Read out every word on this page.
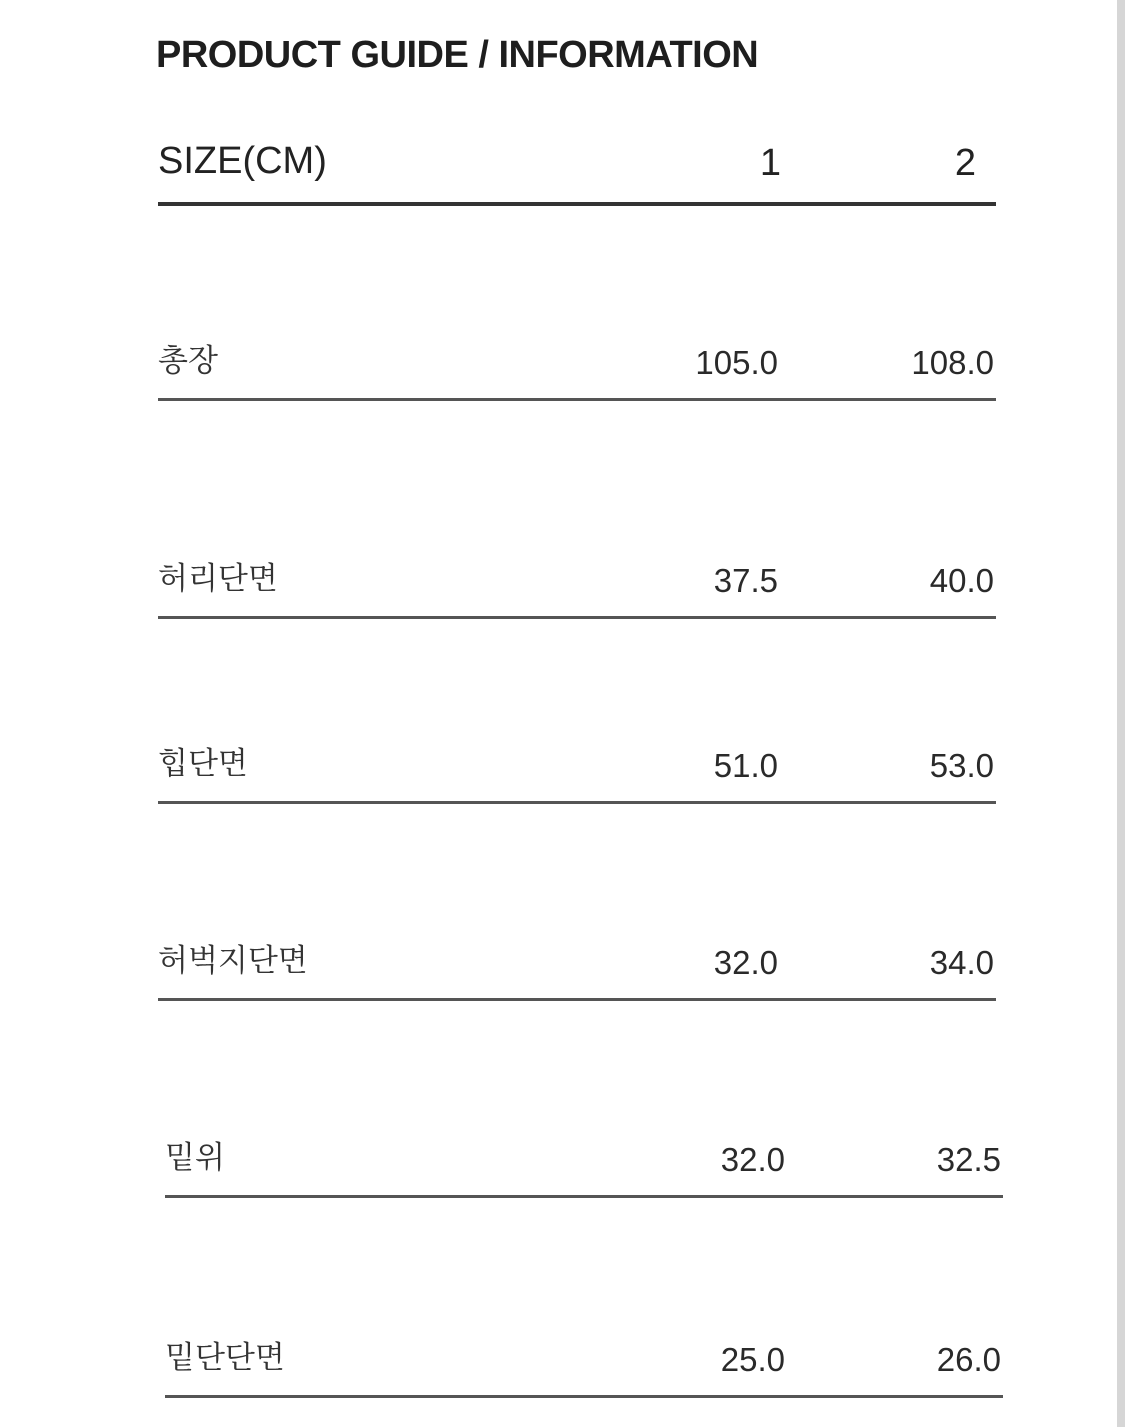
PRODUCT GUIDE / INFORMATION
SIZE(CM)	1	2
총장	105.0	108.0
허리단면	37.5	40.0
힙단면	51.0	53.0
허벅지단면	32.0	34.0
밑위	32.0	32.5
밑단단면	25.0	26.0
